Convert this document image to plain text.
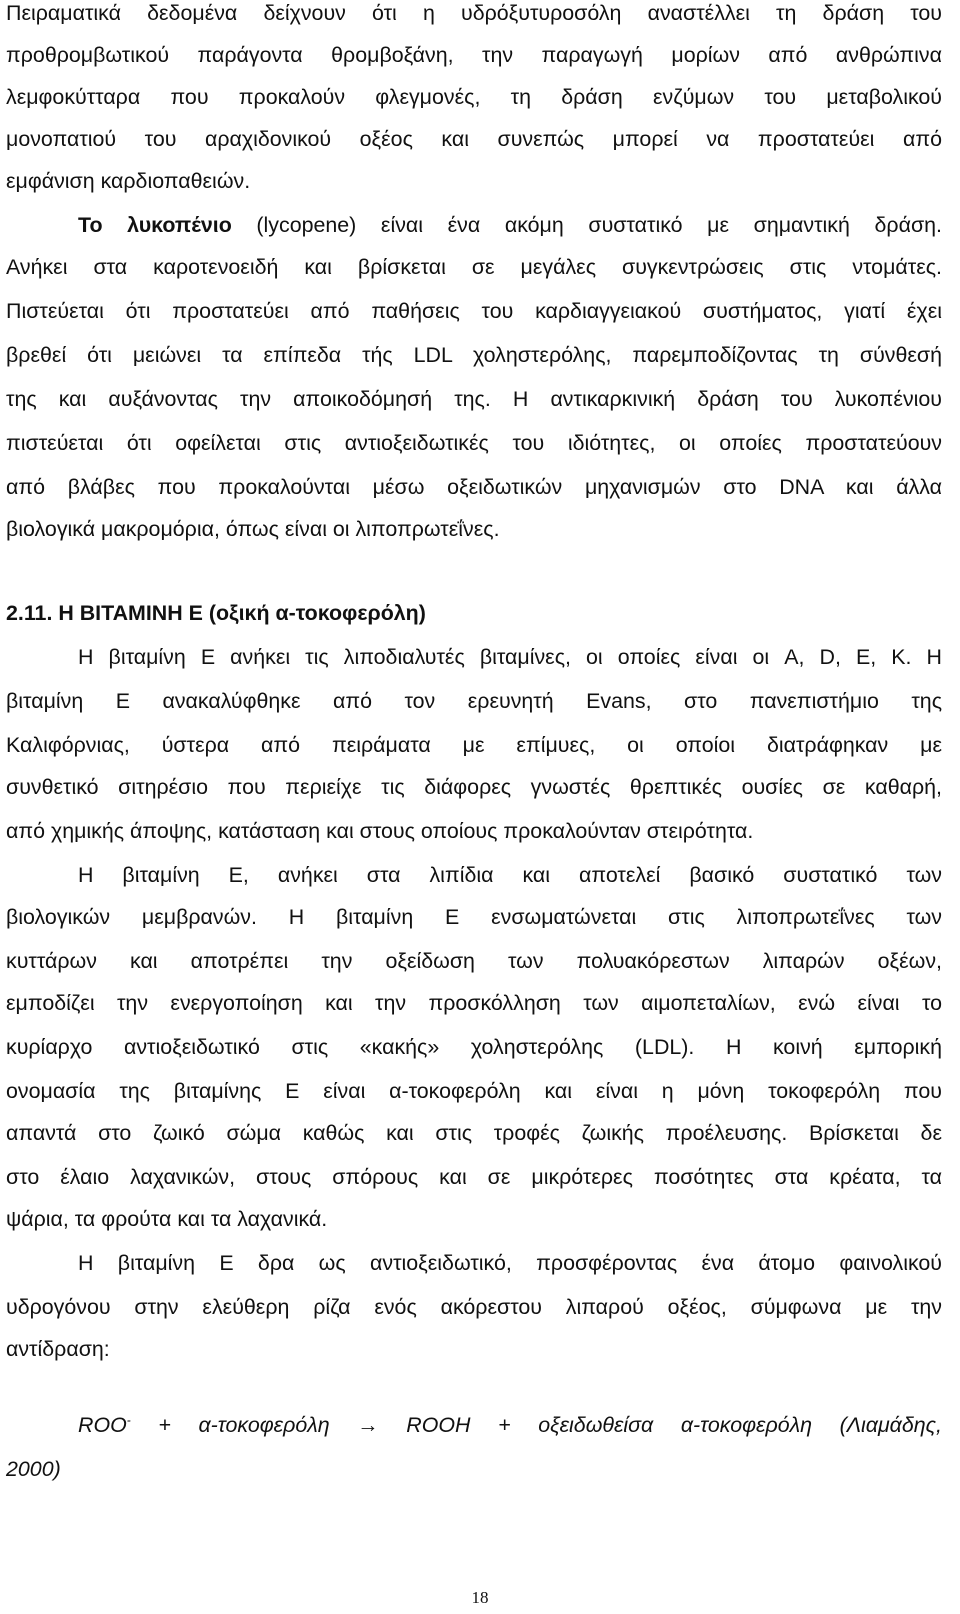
Πειραματικά δεδομένα δείχνουν ότι η υδρόξυτυροσόλη αναστέλλει τη δράση του
προθρομβωτικού παράγοντα θρομβοξάνη, την παραγωγή μορίων από ανθρώπινα
λεμφοκύτταρα που προκαλούν φλεγμονές, τη δράση ενζύμων του μεταβολικού
μονοπατιού του αραχιδονικού οξέος και συνεπώς μπορεί να προστατεύει από
εμφάνιση καρδιοπαθειών.
Το λυκοπένιο (lycopene) είναι ένα ακόμη συστατικό με σημαντική δράση.
Ανήκει στα καροτενοειδή και βρίσκεται σε μεγάλες συγκεντρώσεις στις ντομάτες.
Πιστεύεται ότι προστατεύει από παθήσεις του καρδιαγγειακού συστήματος, γιατί έχει
βρεθεί ότι μειώνει τα επίπεδα τής LDL χοληστερόλης, παρεμποδίζοντας τη σύνθεσή
της και αυξάνοντας την αποικοδόμησή της. Η αντικαρκινική δράση του λυκοπένιου
πιστεύεται ότι οφείλεται στις αντιοξειδωτικές του ιδιότητες, οι οποίες προστατεύουν
από βλάβες που προκαλούνται μέσω οξειδωτικών μηχανισμών στο DNA και άλλα
βιολογικά μακρομόρια, όπως είναι οι λιποπρωτεΐνες.
2.11. Η ΒΙΤΑΜΙΝΗ Ε (οξική α-τοκοφερόλη)
Η βιταμίνη Ε ανήκει τις λιποδιαλυτές βιταμίνες, οι οποίες είναι οι A, D, E, K. Η
βιταμίνη Ε ανακαλύφθηκε από τον ερευνητή Evans, στο πανεπιστήμιο της
Καλιφόρνιας, ύστερα από πειράματα με επίμυες, οι οποίοι διατράφηκαν με
συνθετικό σιτηρέσιο που περιείχε τις διάφορες γνωστές θρεπτικές ουσίες σε καθαρή,
από χημικής άποψης, κατάσταση και στους οποίους προκαλούνταν στειρότητα.
Η βιταμίνη Ε, ανήκει στα λιπίδια και αποτελεί βασικό συστατικό των
βιολογικών μεμβρανών. Η βιταμίνη Ε ενσωματώνεται στις λιποπρωτεΐνες των
κυττάρων και αποτρέπει την οξείδωση των πολυακόρεστων λιπαρών οξέων,
εμποδίζει την ενεργοποίηση και την προσκόλληση των αιμοπεταλίων, ενώ είναι το
κυρίαρχο αντιοξειδωτικό στις «κακής» χοληστερόλης (LDL). Η κοινή εμπορική
ονομασία της βιταμίνης Ε είναι α-τοκοφερόλη και είναι η μόνη τοκοφερόλη που
απαντά στο ζωικό σώμα καθώς και στις τροφές ζωικής προέλευσης. Βρίσκεται δε
στο έλαιο λαχανικών, στους σπόρους και σε μικρότερες ποσότητες στα κρέατα, τα
ψάρια, τα φρούτα και τα λαχανικά.
Η βιταμίνη Ε δρα ως αντιοξειδωτικό, προσφέροντας ένα άτομο φαινολικού
υδρογόνου στην ελεύθερη ρίζα ενός ακόρεστου λιπαρού οξέος, σύμφωνα με την
αντίδραση:
ROO- + α-τοκοφερόλη → ROOH + οξειδωθείσα α-τοκοφερόλη (Λιαμάδης,
2000)
18
